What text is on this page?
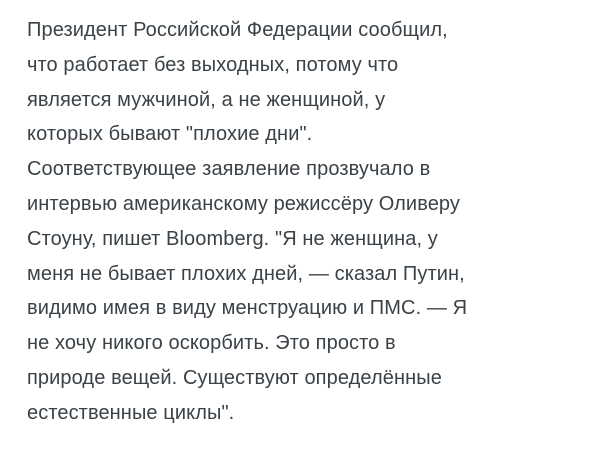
Президент Российской Федерации сообщил,
что работает без выходных, потому что
является мужчиной, а не женщиной, у
которых бывают "плохие дни".
Соответствующее заявление прозвучало в
интервью американскому режиссёру Оливеру
Стоуну, пишет Bloomberg. "Я не женщина, у
меня не бывает плохих дней, — сказал Путин,
видимо имея в виду менструацию и ПМС. — Я
не хочу никого оскорбить. Это просто в
природе вещей. Существуют определённые
естественные циклы".
